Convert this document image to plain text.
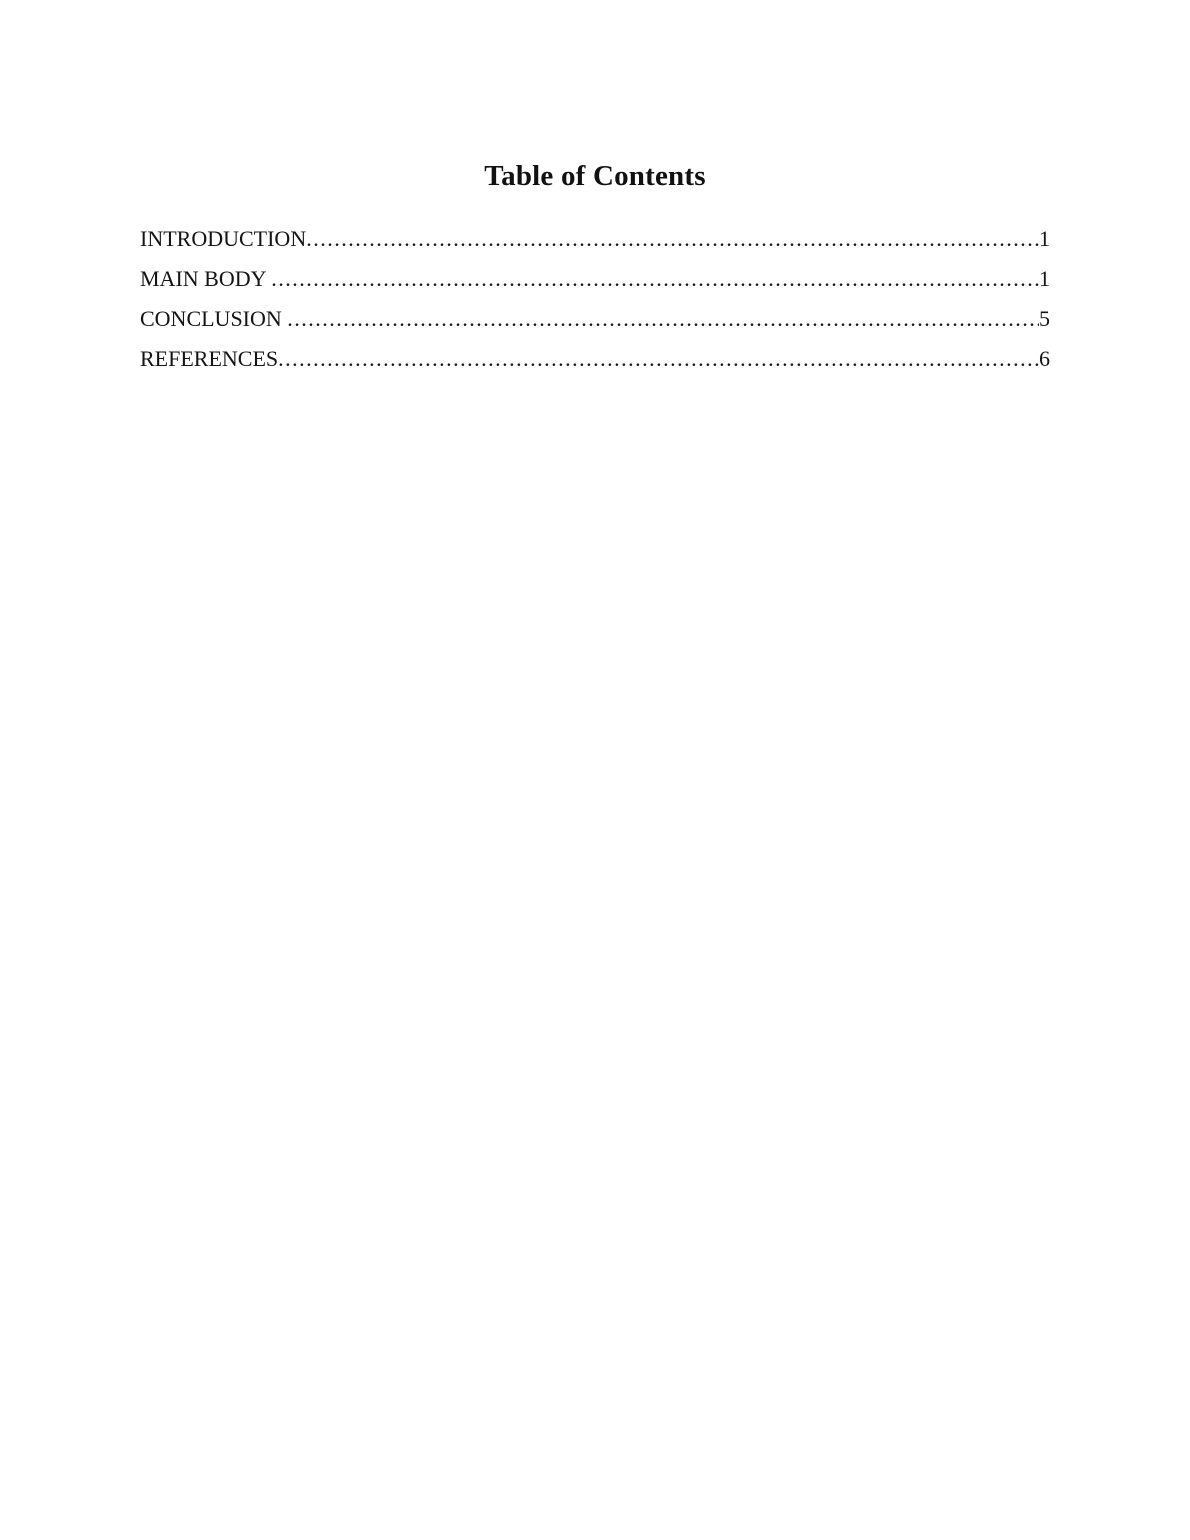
Table of Contents
INTRODUCTION .....	1
MAIN BODY .....	1
CONCLUSION .....	5
REFERENCES .....	6
